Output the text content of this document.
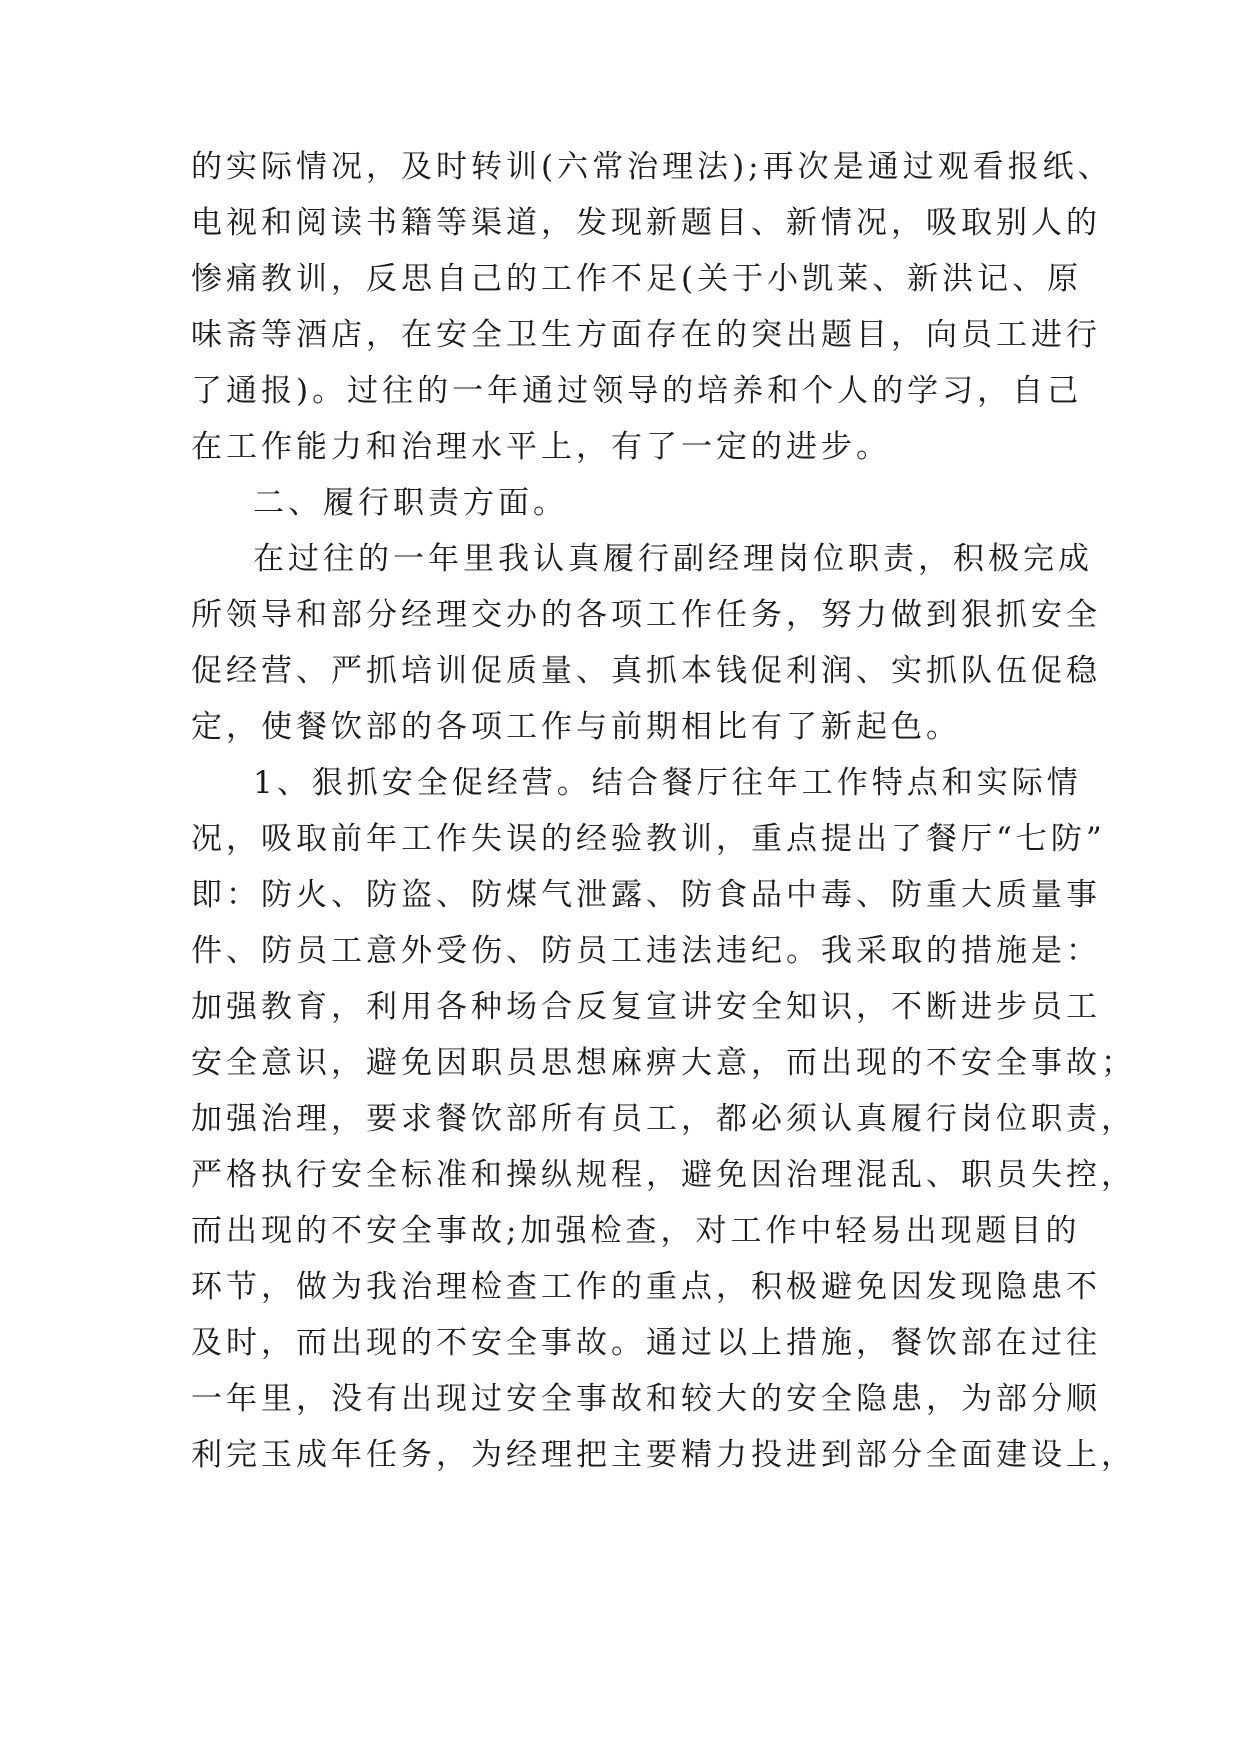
的实际情况，及时转训(六常治理法);再次是通过观看报纸、
电视和阅读书籍等渠道，发现新题目、新情况，吸取别人的
惨痛教训，反思自己的工作不足(关于小凯莱、新洪记、原
味斋等酒店，在安全卫生方面存在的突出题目，向员工进行
了通报)。过往的一年通过领导的培养和个人的学习，自己
在工作能力和治理水平上，有了一定的进步。
二、履行职责方面。
在过往的一年里我认真履行副经理岗位职责，积极完成
所领导和部分经理交办的各项工作任务，努力做到狠抓安全
促经营、严抓培训促质量、真抓本钱促利润、实抓队伍促稳
定，使餐饮部的各项工作与前期相比有了新起色。
1、狠抓安全促经营。结合餐厅往年工作特点和实际情
况，吸取前年工作失误的经验教训，重点提出了餐厅“七防”
即：防火、防盗、防煤气泄露、防食品中毒、防重大质量事
件、防员工意外受伤、防员工违法违纪。我采取的措施是：
加强教育，利用各种场合反复宣讲安全知识，不断进步员工
安全意识，避免因职员思想麻痹大意，而出现的不安全事故；
加强治理，要求餐饮部所有员工，都必须认真履行岗位职责，
严格执行安全标准和操纵规程，避免因治理混乱、职员失控，
而出现的不安全事故;加强检查，对工作中轻易出现题目的
环节，做为我治理检查工作的重点，积极避免因发现隐患不
及时，而出现的不安全事故。通过以上措施，餐饮部在过往
一年里，没有出现过安全事故和较大的安全隐患，为部分顺
利完玉成年任务，为经理把主要精力投进到部分全面建设上，
